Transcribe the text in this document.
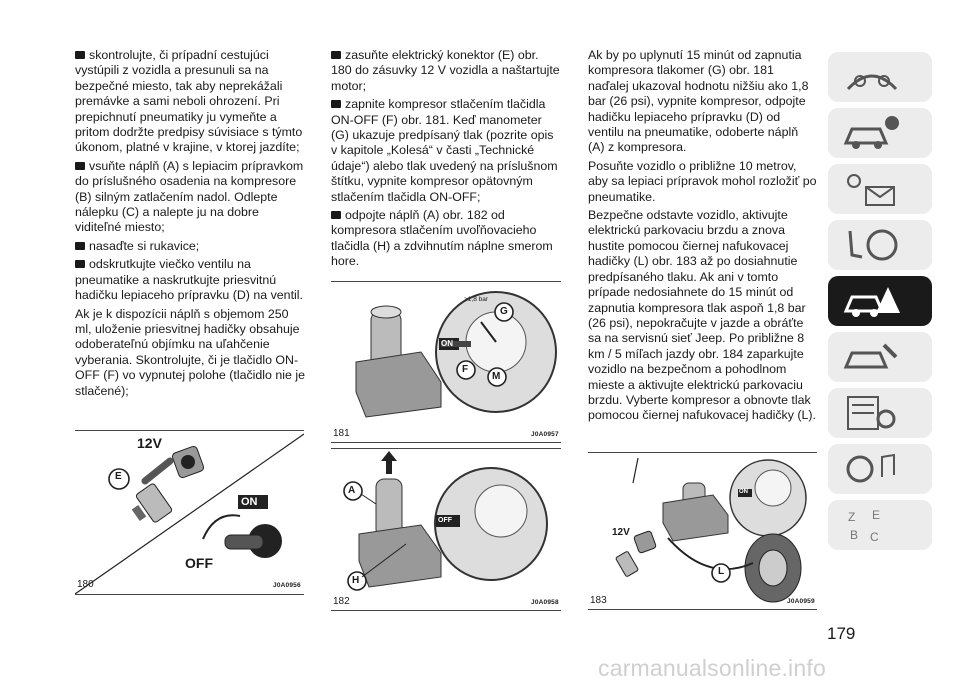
skontrolujte, či prípadní cestujúci vystúpili z vozidla a presunuli sa na bezpečné miesto, tak aby neprekážali premávke a sami neboli ohrození. Pri prepichnutí pneumatiky ju vymeňte a pritom dodržte predpisy súvisiace s týmto úkonom, platné v krajine, v ktorej jazdíte;

vsuňte náplň (A) s lepiacim prípravkom do príslušného osadenia na kompresore (B) silným zatlačením nadol. Odlepte nálepku (C) a nalepte ju na dobre viditeľné miesto;

nasaďte si rukavice;

odskrutkujte viečko ventilu na pneumatike a naskrutkujte priesvitnú hadičku lepiaceho prípravku (D) na ventil.

Ak je k dispozícii náplň s objemom 250 ml, uloženie priesvitnej hadičky obsahuje odoberateľnú objímku na uľahčenie vyberania. Skontrolujte, či je tlačidlo ON-OFF (F) vo vypnutej polohe (tlačidlo nie je stlačené);

12V
E
ON
OFF
180	J0A0956

zasuňte elektrický konektor (E) obr. 180 do zásuvky 12 V vozidla a naštartujte motor;

zapnite kompresor stlačením tlačidla ON-OFF (F) obr. 181. Keď manometer (G) ukazuje predpísaný tlak (pozrite opis v kapitole „Kolesá“ v časti „Technické údaje“) alebo tlak uvedený na príslušnom štítku, vypnite kompresor opätovným stlačením tlačidla ON-OFF;

odpojte náplň (A) obr. 182 od kompresora stlačením uvoľňovacieho tlačidla (H) a zdvihnutím náplne smerom hore.

>1,8 bar
G
ON
F
M
181	J0A0957
A
OFF
H
182	J0A0958

Ak by po uplynutí 15 minút od zapnutia kompresora tlakomer (G) obr. 181 naďalej ukazoval hodnotu nižšiu ako 1,8 bar (26 psi), vypnite kompresor, odpojte hadičku lepiaceho prípravku (D) od ventilu na pneumatike, odoberte náplň (A) z kompresora.

Posuňte vozidlo o približne 10 metrov, aby sa lepiaci prípravok mohol rozložiť po pneumatike.

Bezpečne odstavte vozidlo, aktivujte elektrickú parkovaciu brzdu a znova hustite pomocou čiernej nafukovacej hadičky (L) obr. 183 až po dosiahnutie predpísaného tlaku. Ak ani v tomto prípade nedosiahnete do 15 minút od zapnutia kompresora tlak aspoň 1,8 bar (26 psi), nepokračujte v jazde a obráťte sa na servisnú sieť Jeep. Po približne 8 km / 5 míľach jazdy obr. 184 zaparkujte vozidlo na bezpečnom a pohodlnom mieste a aktivujte elektrickú parkovaciu brzdu. Vyberte kompresor a obnovte tlak pomocou čiernej nafukovacej hadičky (L).

12V
ON
L
183	J0A0959
Z E
B C
179
carmanualsonline.info
